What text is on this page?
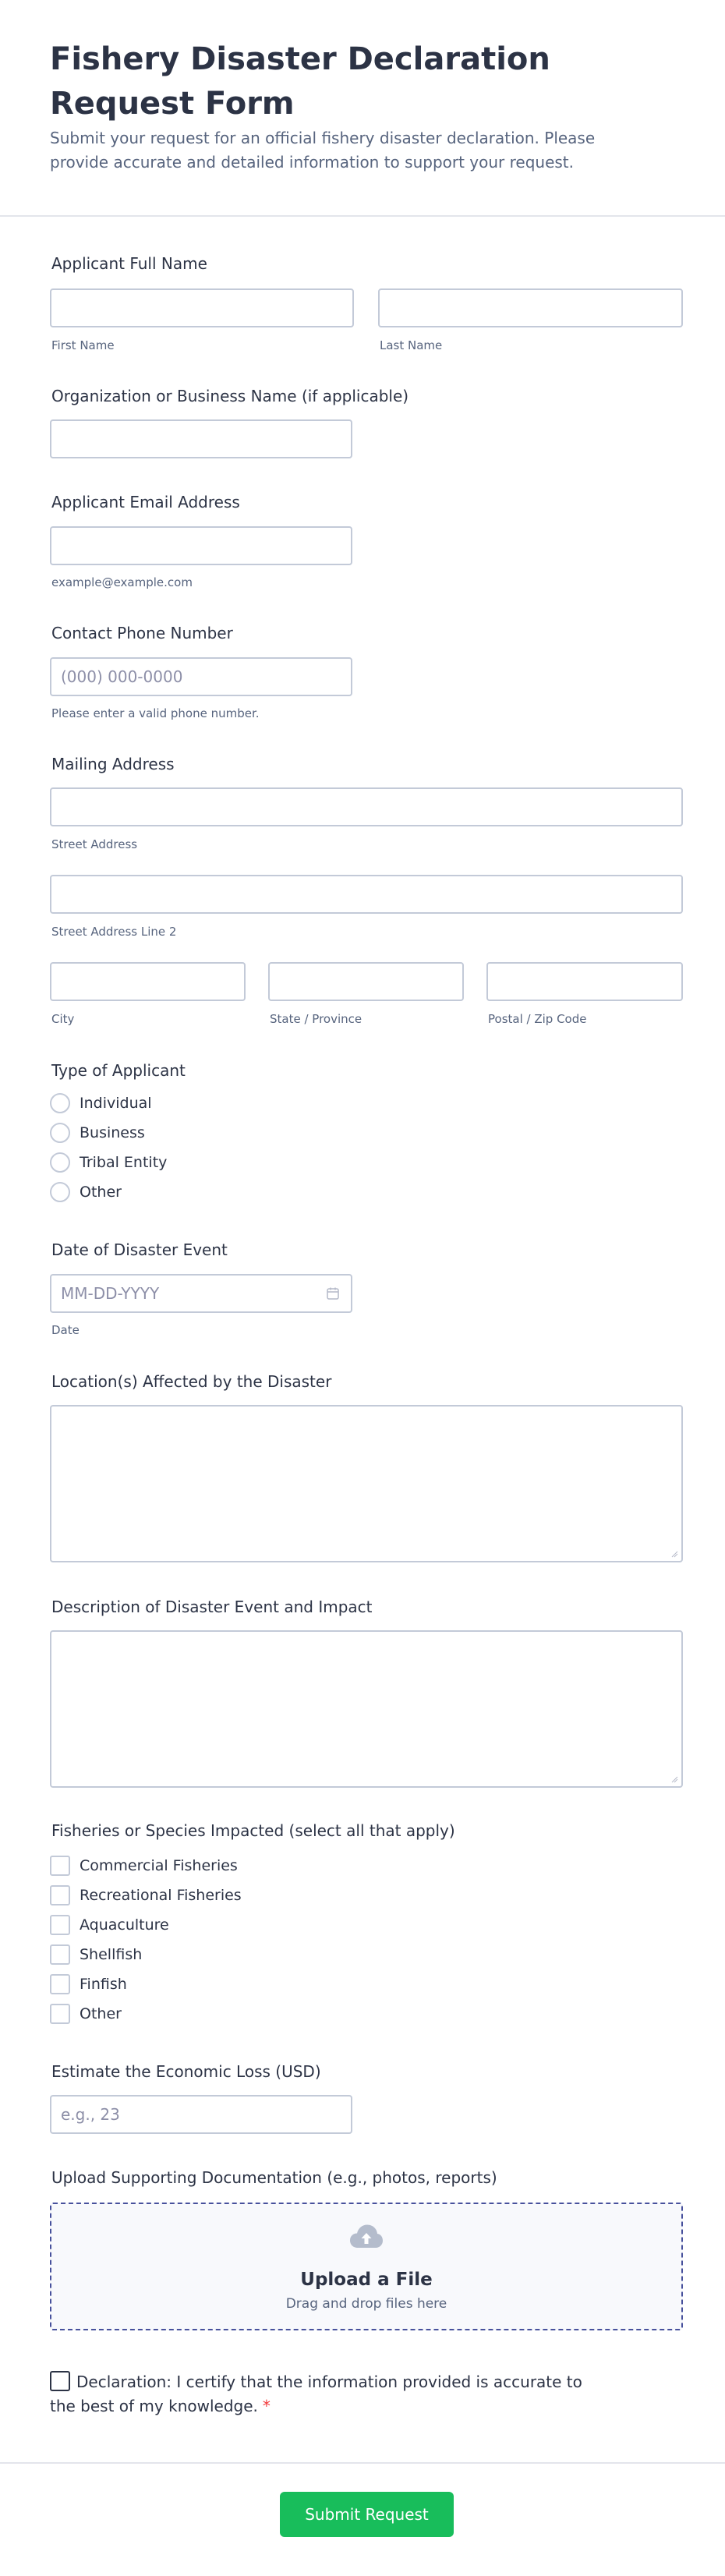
Fishery Disaster Declaration Request Form
Submit your request for an official fishery disaster declaration. Please provide accurate and detailed information to support your request.
Applicant Full Name
First Name	Last Name
Organization or Business Name (if applicable)
Applicant Email Address
example@example.com
Contact Phone Number
(000) 000-0000
Please enter a valid phone number.
Mailing Address
Street Address
Street Address Line 2
City	State / Province	Postal / Zip Code
Type of Applicant
Individual
Business
Tribal Entity
Other
Date of Disaster Event
MM-DD-YYYY
Date
Location(s) Affected by the Disaster
Description of Disaster Event and Impact
Fisheries or Species Impacted (select all that apply)
Commercial Fisheries
Recreational Fisheries
Aquaculture
Shellfish
Finfish
Other
Estimate the Economic Loss (USD)
e.g., 23
Upload Supporting Documentation (e.g., photos, reports)
Upload a File
Drag and drop files here
Declaration: I certify that the information provided is accurate to the best of my knowledge. *
Submit Request
